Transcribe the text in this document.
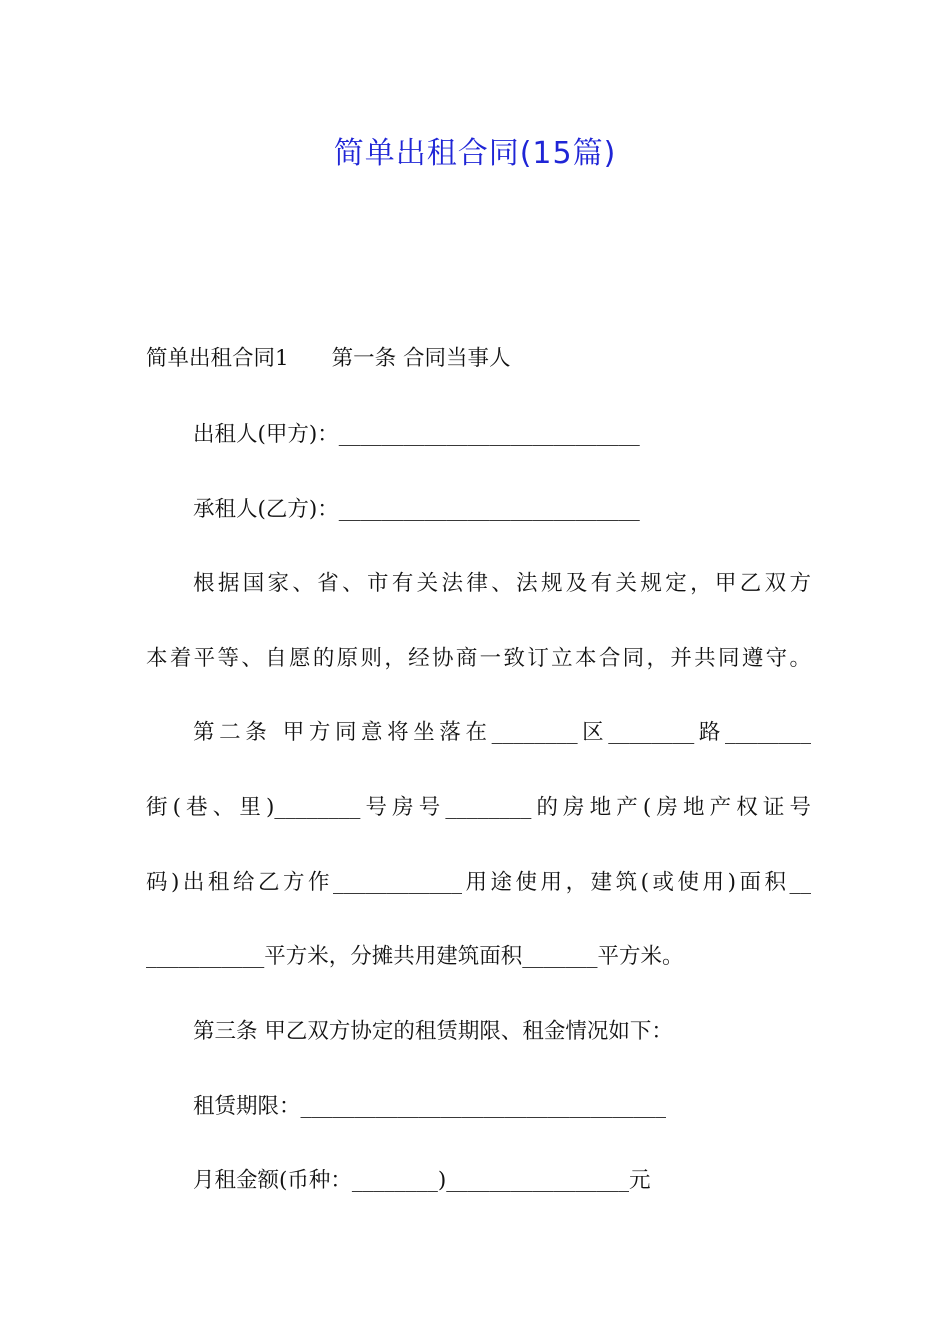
简单出租合同(15篇)
简单出租合同1　　第一条 合同当事人
出租人(甲方)：____________________________
承租人(乙方)：____________________________
根据国家、省、市有关法律、法规及有关规定，甲乙双方
本着平等、自愿的原则，经协商一致订立本合同，并共同遵守。
第二条 甲方同意将坐落在________区________路________
街(巷、里)________号房号________的房地产(房地产权证号
码)出租给乙方作____________用途使用，建筑(或使用)面积__
___________平方米，分摊共用建筑面积_______平方米。
第三条 甲乙双方协定的租赁期限、租金情况如下：
租赁期限：__________________________________
月租金额(币种：________)_________________元
